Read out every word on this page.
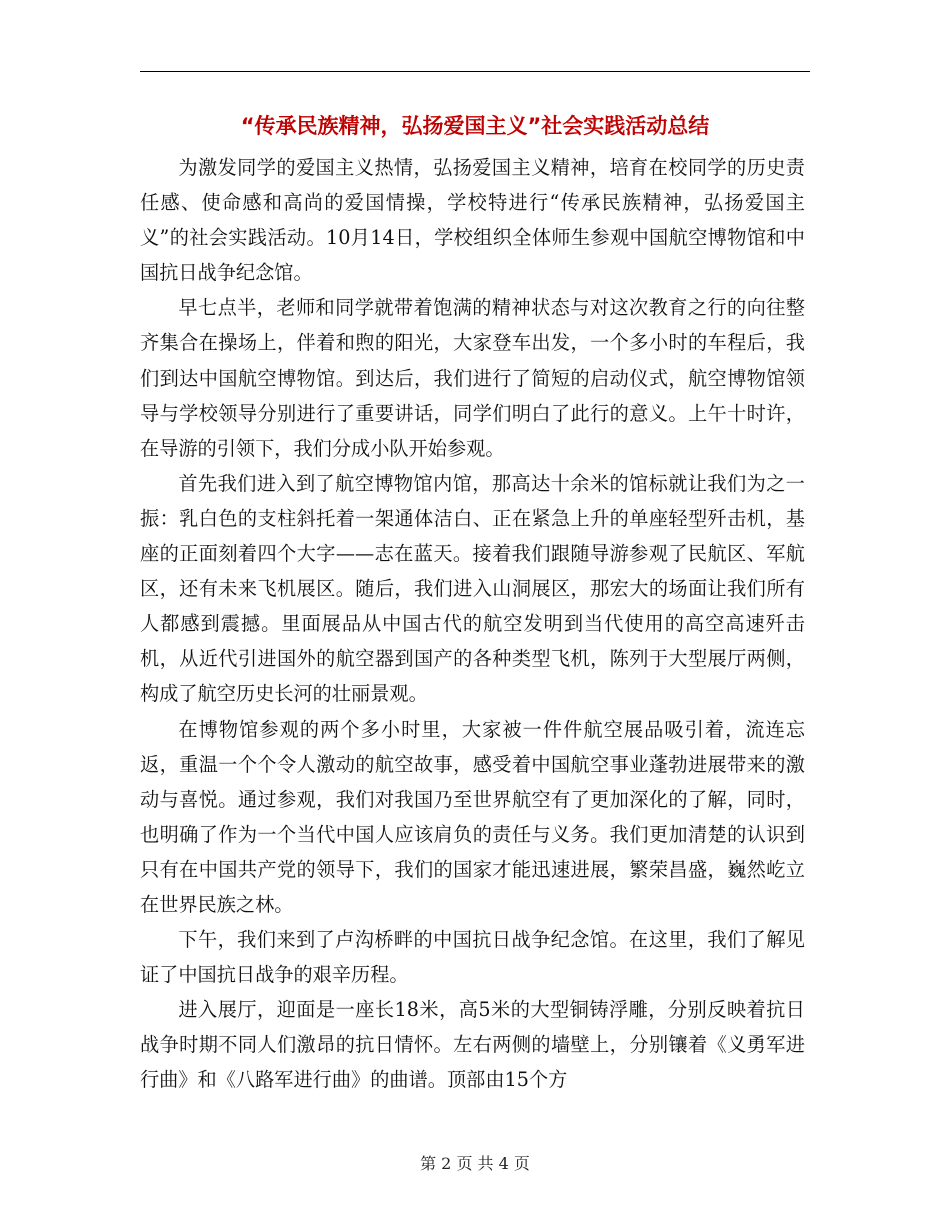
“传承民族精神，弘扬爱国主义”社会实践活动总结

为激发同学的爱国主义热情，弘扬爱国主义精神，培育在校同学的历史责任感、使命感和高尚的爱国情操，学校特进行“传承民族精神，弘扬爱国主义”的社会实践活动。10月14日，学校组织全体师生参观中国航空博物馆和中国抗日战争纪念馆。

早七点半，老师和同学就带着饱满的精神状态与对这次教育之行的向往整齐集合在操场上，伴着和煦的阳光，大家登车出发，一个多小时的车程后，我们到达中国航空博物馆。到达后，我们进行了简短的启动仪式，航空博物馆领导与学校领导分别进行了重要讲话，同学们明白了此行的意义。上午十时许，在导游的引领下，我们分成小队开始参观。

首先我们进入到了航空博物馆内馆，那高达十余米的馆标就让我们为之一振：乳白色的支柱斜托着一架通体洁白、正在紧急上升的单座轻型歼击机，基座的正面刻着四个大字——志在蓝天。接着我们跟随导游参观了民航区、军航区，还有未来飞机展区。随后，我们进入山洞展区，那宏大的场面让我们所有人都感到震撼。里面展品从中国古代的航空发明到当代使用的高空高速歼击机，从近代引进国外的航空器到国产的各种类型飞机，陈列于大型展厅两侧，构成了航空历史长河的壮丽景观。

在博物馆参观的两个多小时里，大家被一件件航空展品吸引着，流连忘返，重温一个个令人激动的航空故事，感受着中国航空事业蓬勃进展带来的激动与喜悦。通过参观，我们对我国乃至世界航空有了更加深化的了解，同时，也明确了作为一个当代中国人应该肩负的责任与义务。我们更加清楚的认识到只有在中国共产党的领导下，我们的国家才能迅速进展，繁荣昌盛，巍然屹立在世界民族之林。

下午，我们来到了卢沟桥畔的中国抗日战争纪念馆。在这里，我们了解见证了中国抗日战争的艰辛历程。

进入展厅，迎面是一座长18米，高5米的大型铜铸浮雕，分别反映着抗日战争时期不同人们激昂的抗日情怀。左右两侧的墙壁上，分别镶着《义勇军进行曲》和《八路军进行曲》的曲谱。顶部由15个方

第 2 页 共 4 页
